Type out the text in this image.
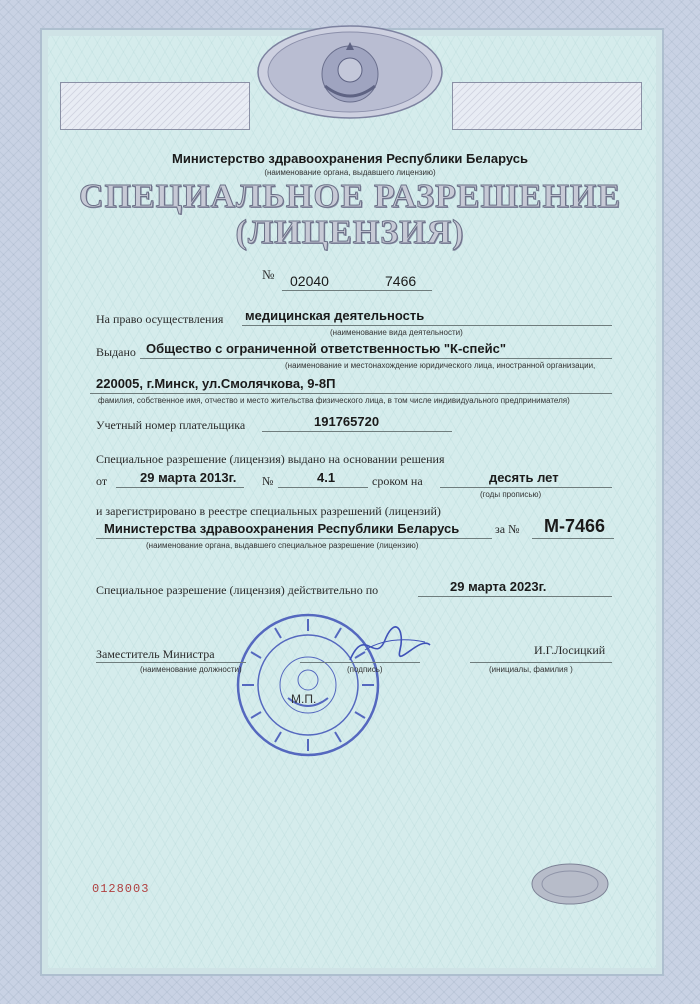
Министерство здравоохранения Республики Беларусь
(наименование органа, выдавшего лицензию)
СПЕЦИАЛЬНОЕ РАЗРЕШЕНИЕ
(ЛИЦЕНЗИЯ)
№ 02040	7466
На право осуществления медицинская деятельность
(наименование вида деятельности)
Выдано Общество с ограниченной ответственностью "К-спейс"
(наименование и местонахождение юридического лица, иностранной организации,
220005, г.Минск, ул.Смолячкова, 9-8П
фамилия, собственное имя, отчество и место жительства физического лица, в том числе индивидуального предпринимателя)
Учетный номер плательщика	191765720
Специальное разрешение (лицензия) выдано на основании решения
от	29 марта 2013г. №	4.1	сроком на	десять лет
(годы прописью)
и зарегистрировано в реестре специальных разрешений (лицензий)
Министерства здравоохранения Республики Беларусь
(наименование органа, выдавшего специальное разрешение (лицензию)
за № М-7466
Специальное разрешение (лицензия) действительно по	29 марта 2023г.
М.П.
Заместитель Министра
(наименование должности)	(подпись)
И.Г.Лосицкий
(инициалы, фамилия )
0128003
